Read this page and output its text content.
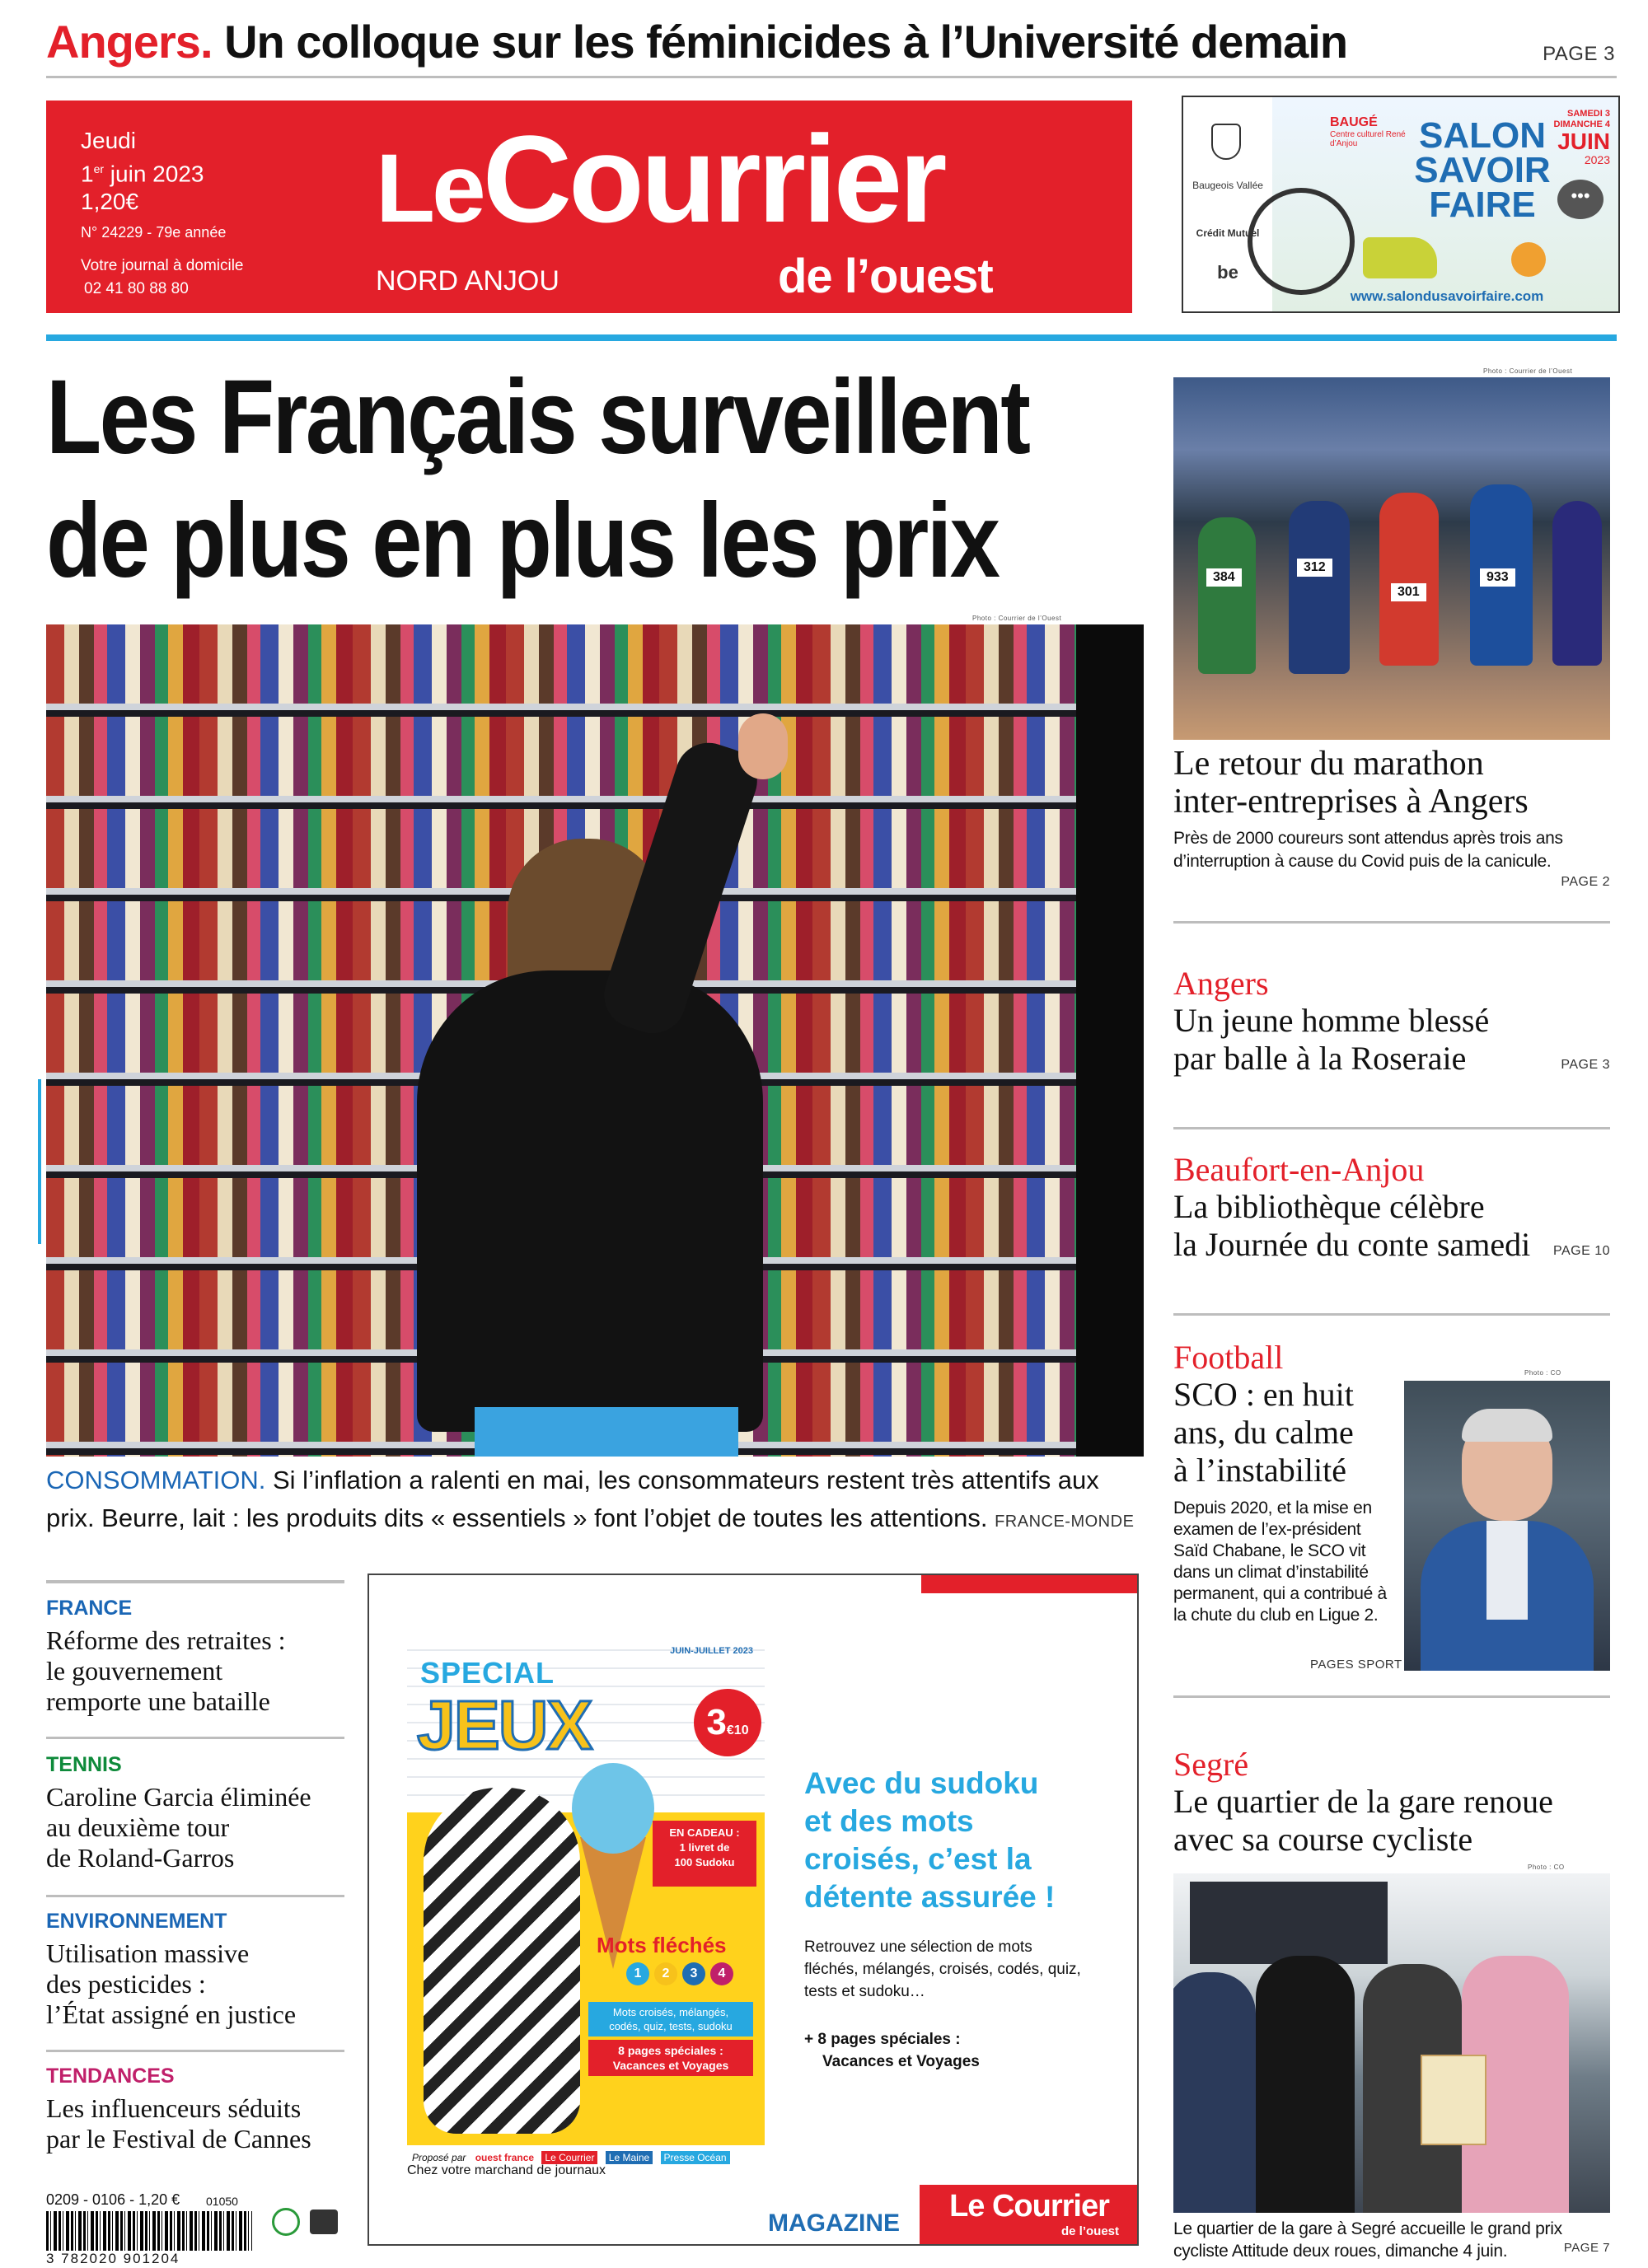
Angers. Un colloque sur les féminicides à l’Université demain	PAGE 3
Jeudi
1er juin 2023
1,20€
N° 24229 - 79e année
Votre journal à domicile
02 41 80 88 80
LeCourrier
de l’ouest
NORD ANJOU
Baugeois Vallée
Crédit Mutuel
be
BAUGÉ
Centre culturel René d’Anjou
SAMEDI 3 DIMANCHE 4
JUIN
2023
SALON
SAVOIR
FAIRE	•••
www.salondusavoirfaire.com
Les Français surveillent
de plus en plus les prix
Photo : Courrier de l’Ouest
CONSOMMATION. Si l’inflation a ralenti en mai, les consommateurs restent très attentifs aux prix. Beurre, lait : les produits dits « essentiels » font l’objet de toutes les attentions. FRANCE-MONDE
Photo : Courrier de l’Ouest
384
312
301
933
Le retour du marathon
inter-entreprises à Angers
Près de 2000 coureurs sont attendus après trois ans d’interruption à cause du Covid puis de la canicule.
PAGE 2
Angers
Un jeune homme blessé
par balle à la Roseraie	PAGE 3
Beaufort-en-Anjou
La bibliothèque célèbre
la Journée du conte samedi PAGE 10
Football
SCO : en huit
ans, du calme
à l’instabilité
Depuis 2020, et la mise en examen de l’ex-président Saïd Chabane, le SCO vit dans un climat d’instabilité permanent, qui a contribué à la chute du club en Ligue 2.
PAGES SPORT
Photo : CO
Segré
Le quartier de la gare renoue
avec sa course cycliste
Photo : CO
Le quartier de la gare à Segré accueille le grand prix cycliste Attitude deux roues, dimanche 4 juin.	PAGE 7
FRANCE
Réforme des retraites :
le gouvernement
remporte une bataille
TENNIS
Caroline Garcia éliminée
au deuxième tour
de Roland-Garros
ENVIRONNEMENT
Utilisation massive
des pesticides :
l’État assigné en justice
TENDANCES
Les influenceurs séduits
par le Festival de Cannes
0209 - 0106 - 1,20 €
3 782020 901204
01050
JUIN-JUILLET 2023
SPECIAL
JEUX	3€10
EN CADEAU :
1 livret de
100 Sudoku
Mots fléchés
1 2 3 4
Mots croisés, mélangés,
codés, quiz, tests, sudoku
8 pages spéciales :
Vacances et Voyages
Proposé par ouest france Le Courrier Le Maine Presse Océan
Avec du sudoku
et des mots
croisés, c’est la
détente assurée !
Retrouvez une sélection de mots fléchés, mélangés, croisés, codés, quiz, tests et sudoku…
+ 8 pages spéciales :
Vacances et Voyages
Chez votre marchand de journaux
MAGAZINE	Le Courrier
de l’ouest
